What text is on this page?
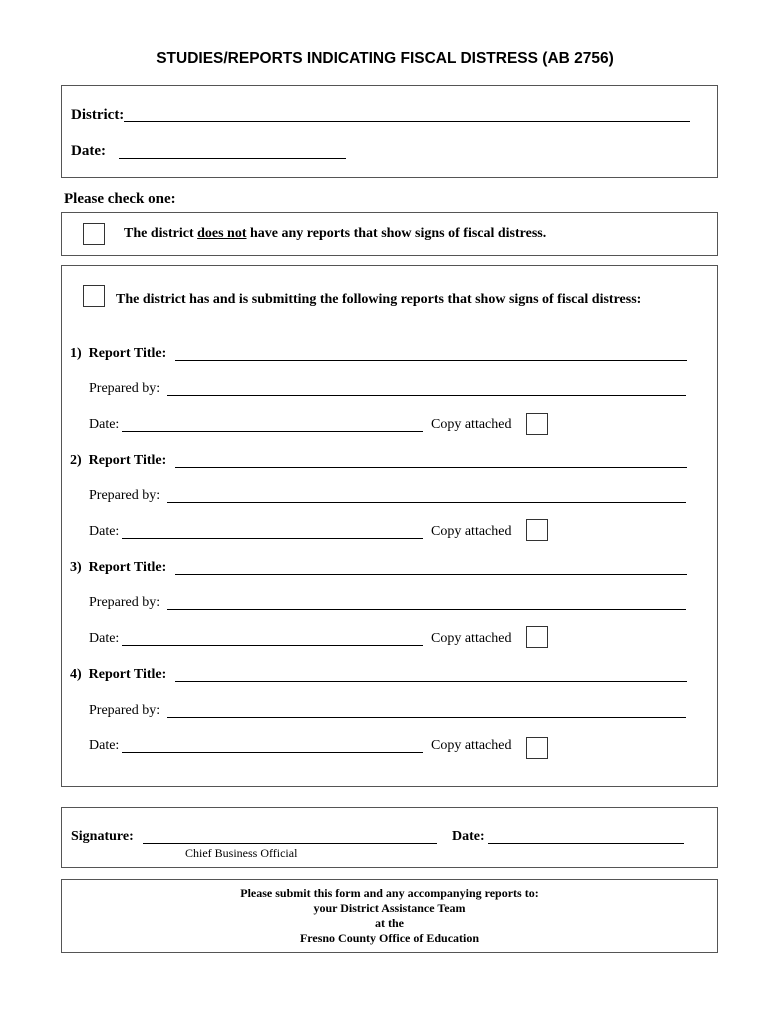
STUDIES/REPORTS INDICATING FISCAL DISTRESS (AB 2756)
District:
Date:
Please check one:
The district does not have any reports that show signs of fiscal distress.
The district has and is submitting the following reports that show signs of fiscal distress:
1) Report Title:
Prepared by:
Date:	Copy attached
2) Report Title:
Prepared by:
Date:	Copy attached
3) Report Title:
Prepared by:
Date:	Copy attached
4) Report Title:
Prepared by:
Date:	Copy attached
Signature:
Chief Business Official
Date:
Please submit this form and any accompanying reports to:
your District Assistance Team
at the
Fresno County Office of Education
